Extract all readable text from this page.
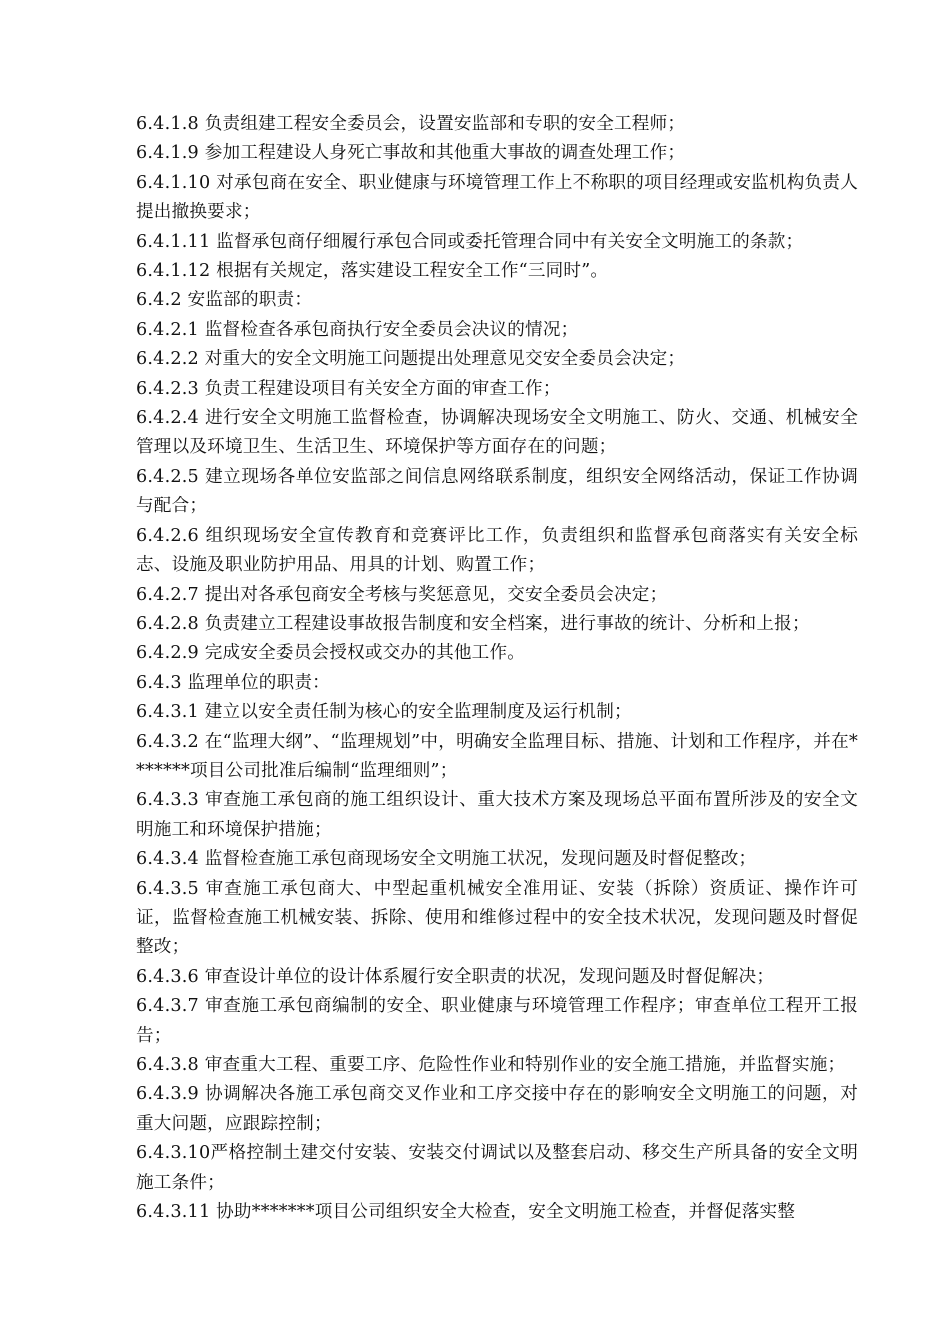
6.4.1.8 负责组建工程安全委员会，设置安监部和专职的安全工程师；

6.4.1.9 参加工程建设人身死亡事故和其他重大事故的调查处理工作；

6.4.1.10 对承包商在安全、职业健康与环境管理工作上不称职的项目经理或安监机构负责人提出撤换要求；

6.4.1.11 监督承包商仔细履行承包合同或委托管理合同中有关安全文明施工的条款；

6.4.1.12 根据有关规定，落实建设工程安全工作“三同时”。

6.4.2 安监部的职责：

6.4.2.1 监督检查各承包商执行安全委员会决议的情况；

6.4.2.2 对重大的安全文明施工问题提出处理意见交安全委员会决定；

6.4.2.3 负责工程建设项目有关安全方面的审查工作；

6.4.2.4 进行安全文明施工监督检查，协调解决现场安全文明施工、防火、交通、机械安全管理以及环境卫生、生活卫生、环境保护等方面存在的问题；

6.4.2.5 建立现场各单位安监部之间信息网络联系制度，组织安全网络活动，保证工作协调与配合；

6.4.2.6 组织现场安全宣传教育和竞赛评比工作，负责组织和监督承包商落实有关安全标志、设施及职业防护用品、用具的计划、购置工作；

6.4.2.7 提出对各承包商安全考核与奖惩意见，交安全委员会决定；

6.4.2.8 负责建立工程建设事故报告制度和安全档案，进行事故的统计、分析和上报；

6.4.2.9 完成安全委员会授权或交办的其他工作。

6.4.3 监理单位的职责：

6.4.3.1 建立以安全责任制为核心的安全监理制度及运行机制；

6.4.3.2 在“监理大纲”、“监理规划”中，明确安全监理目标、措施、计划和工作程序，并在*******项目公司批准后编制“监理细则”；

6.4.3.3 审查施工承包商的施工组织设计、重大技术方案及现场总平面布置所涉及的安全文明施工和环境保护措施；

6.4.3.4 监督检查施工承包商现场安全文明施工状况，发现问题及时督促整改；

6.4.3.5 审查施工承包商大、中型起重机械安全准用证、安装（拆除）资质证、操作许可证，监督检查施工机械安装、拆除、使用和维修过程中的安全技术状况，发现问题及时督促整改；

6.4.3.6 审查设计单位的设计体系履行安全职责的状况，发现问题及时督促解决；

6.4.3.7 审查施工承包商编制的安全、职业健康与环境管理工作程序；审查单位工程开工报告；

6.4.3.8 审查重大工程、重要工序、危险性作业和特别作业的安全施工措施，并监督实施；

6.4.3.9 协调解决各施工承包商交叉作业和工序交接中存在的影响安全文明施工的问题，对重大问题，应跟踪控制；

6.4.3.10严格控制土建交付安装、安装交付调试以及整套启动、移交生产所具备的安全文明施工条件；

6.4.3.11 协助*******项目公司组织安全大检查，安全文明施工检查，并督促落实整
